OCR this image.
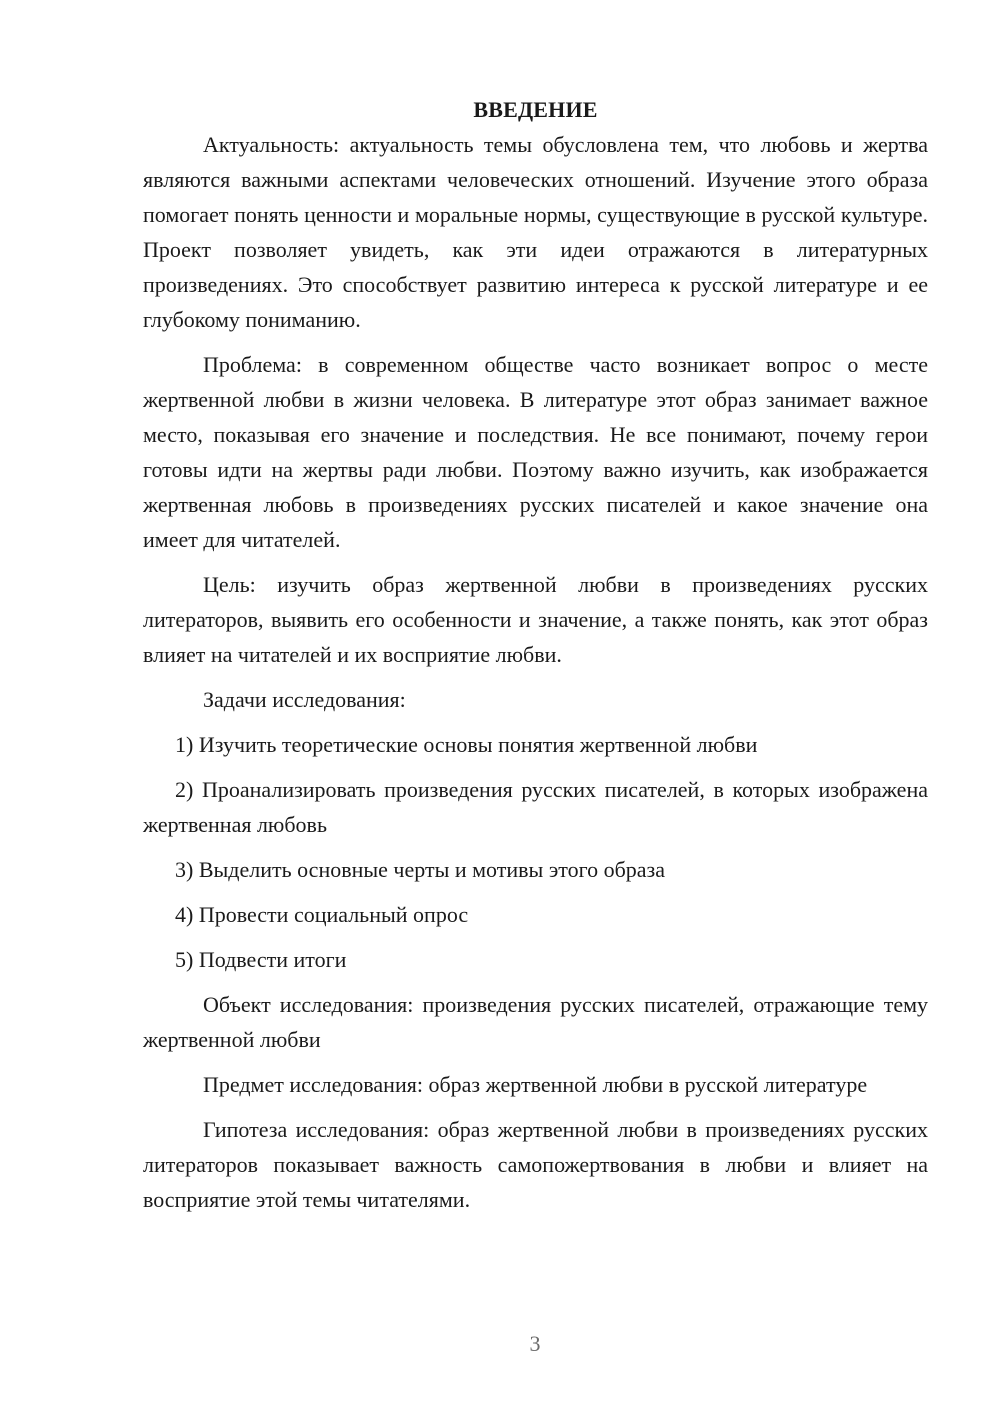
ВВЕДЕНИЕ

Актуальность: актуальность темы обусловлена тем, что любовь и жертва являются важными аспектами человеческих отношений. Изучение этого образа помогает понять ценности и моральные нормы, существующие в русской культуре. Проект позволяет увидеть, как эти идеи отражаются в литературных произведениях. Это способствует развитию интереса к русской литературе и ее глубокому пониманию.

Проблема: в современном обществе часто возникает вопрос о месте жертвенной любви в жизни человека. В литературе этот образ занимает важное место, показывая его значение и последствия. Не все понимают, почему герои готовы идти на жертвы ради любви. Поэтому важно изучить, как изображается жертвенная любовь в произведениях русских писателей и какое значение она имеет для читателей.

Цель: изучить образ жертвенной любви в произведениях русских литераторов, выявить его особенности и значение, а также понять, как этот образ влияет на читателей и их восприятие любви.

Задачи исследования:

1) Изучить теоретические основы понятия жертвенной любви

2) Проанализировать произведения русских писателей, в которых изображена жертвенная любовь

3) Выделить основные черты и мотивы этого образа

4) Провести социальный опрос

5) Подвести итоги

Объект исследования: произведения русских писателей, отражающие тему жертвенной любви

Предмет исследования: образ жертвенной любви в русской литературе

Гипотеза исследования: образ жертвенной любви в произведениях русских литераторов показывает важность самопожертвования в любви и влияет на восприятие этой темы читателями.

3
